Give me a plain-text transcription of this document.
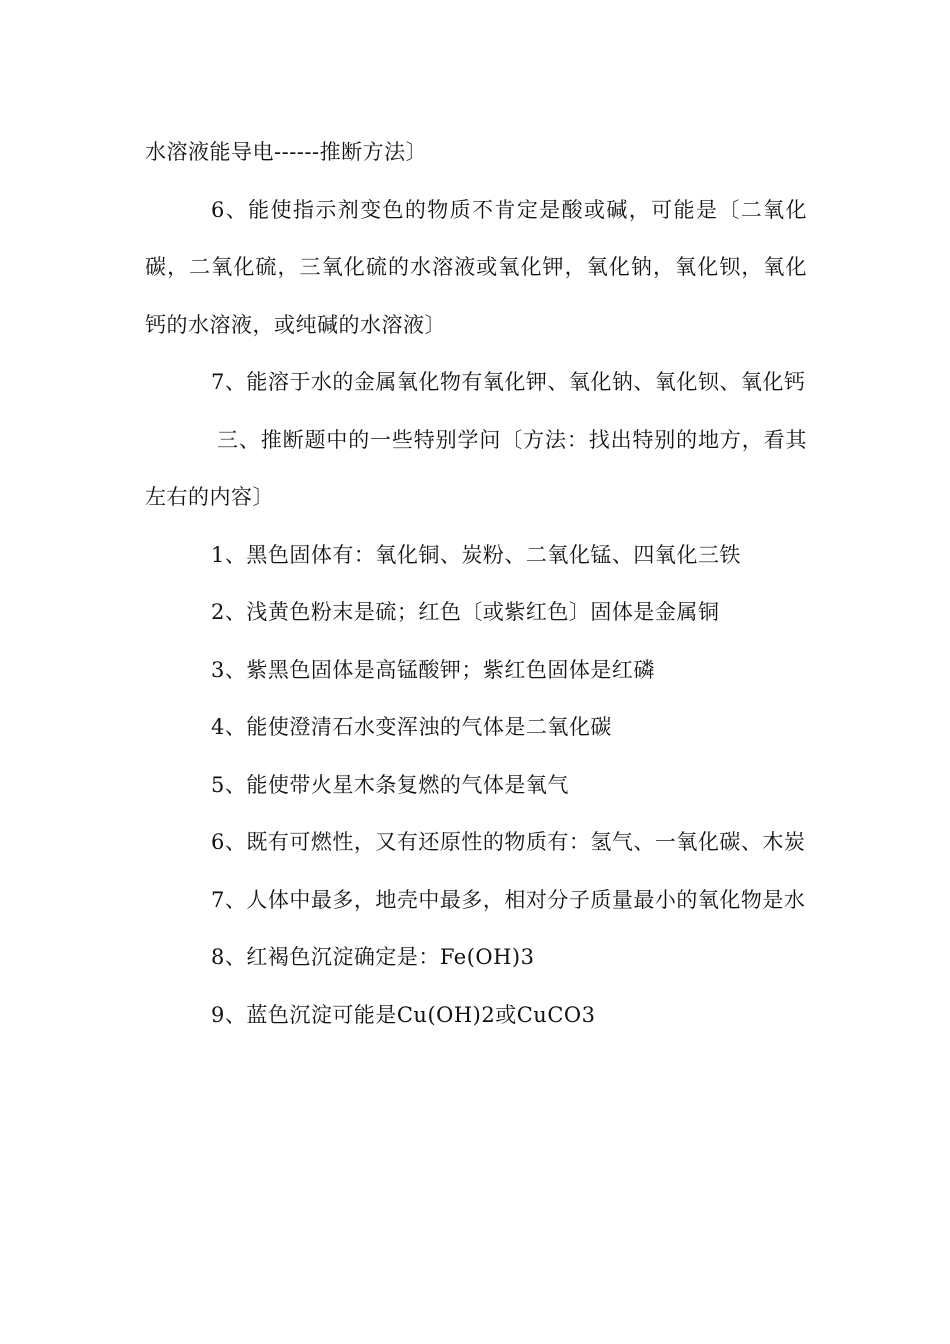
水溶液能导电------推断方法〕

6、能使指示剂变色的物质不肯定是酸或碱，可能是〔二氧化碳，二氧化硫，三氧化硫的水溶液或氧化钾，氧化钠，氧化钡，氧化钙的水溶液，或纯碱的水溶液〕

7、能溶于水的金属氧化物有氧化钾、氧化钠、氧化钡、氧化钙

三、推断题中的一些特别学问〔方法：找出特别的地方，看其左右的内容〕

1、黑色固体有：氧化铜、炭粉、二氧化锰、四氧化三铁

2、浅黄色粉末是硫；红色〔或紫红色〕固体是金属铜

3、紫黑色固体是高锰酸钾；紫红色固体是红磷

4、能使澄清石水变浑浊的气体是二氧化碳

5、能使带火星木条复燃的气体是氧气

6、既有可燃性，又有还原性的物质有：氢气、一氧化碳、木炭

7、人体中最多，地壳中最多，相对分子质量最小的氧化物是水

8、红褐色沉淀确定是：Fe(OH)3

9、蓝色沉淀可能是Cu(OH)2或CuCO3
